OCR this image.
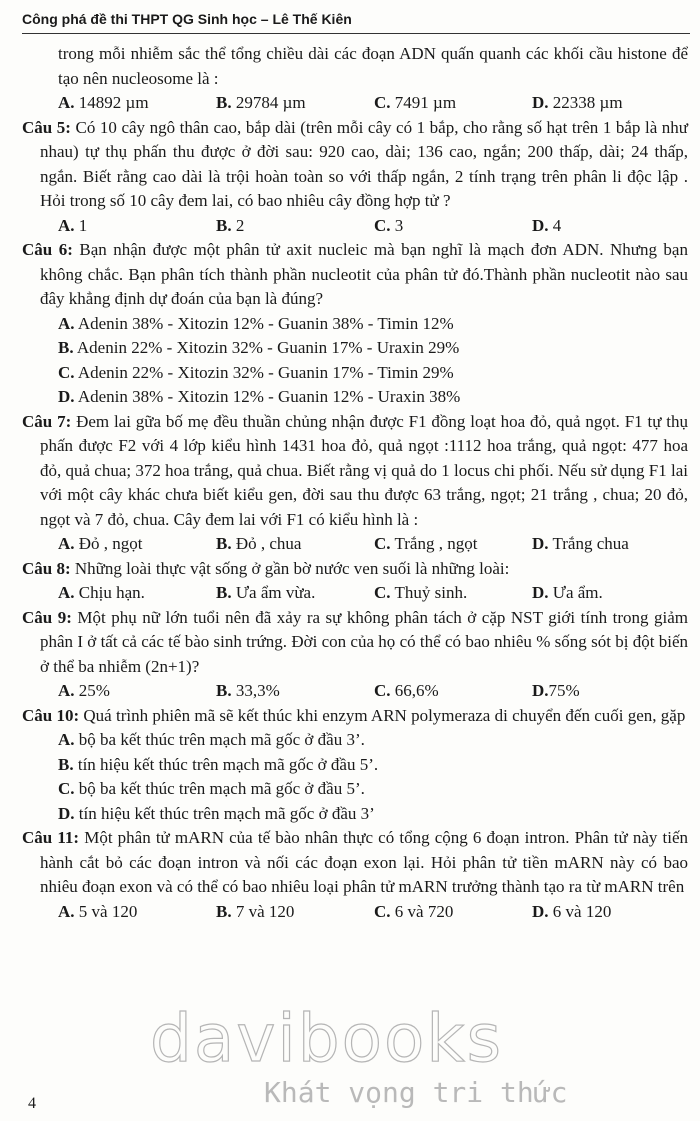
Công phá đề thi THPT QG Sinh học – Lê Thế Kiên

trong mỗi nhiễm sắc thể tổng chiều dài các đoạn ADN quấn quanh các khối cầu histone để tạo nên nucleosome là :

A. 14892 µm	B. 29784 µm	C. 7491 µm	D. 22338 µm

Câu 5: Có 10 cây ngô thân cao, bắp dài (trên mỗi cây có 1 bắp, cho rằng số hạt trên 1 bắp là như nhau) tự thụ phấn thu được ở đời sau: 920 cao, dài; 136 cao, ngắn; 200 thấp, dài; 24 thấp, ngắn. Biết rằng cao dài là trội hoàn toàn so với thấp ngắn, 2 tính trạng trên phân li độc lập . Hỏi trong số 10 cây đem lai, có bao nhiêu cây đồng hợp tử ?

A. 1	B. 2	C. 3	D. 4

Câu 6: Bạn nhận được một phân tử axit nucleic mà bạn nghĩ là mạch đơn ADN. Nhưng bạn không chắc. Bạn phân tích thành phần nucleotit của phân tử đó.Thành phần nucleotit nào sau đây khẳng định dự đoán của bạn là đúng?

A. Adenin 38% - Xitozin 12% - Guanin 38% - Timin 12%
B. Adenin 22% - Xitozin 32% - Guanin 17% - Uraxin 29%
C. Adenin 22% - Xitozin 32% - Guanin 17% - Timin 29%
D. Adenin 38% - Xitozin 12% - Guanin 12% - Uraxin 38%

Câu 7: Đem lai gữa bố mẹ đều thuần chủng nhận được F1 đồng loạt hoa đỏ, quả ngọt. F1 tự thụ phấn được F2 với 4 lớp kiểu hình 1431 hoa đỏ, quả ngọt :1112 hoa trắng, quả ngọt: 477 hoa đỏ, quả chua; 372 hoa trắng, quả chua. Biết rằng vị quả do 1 locus chi phối. Nếu sử dụng F1 lai với một cây khác chưa biết kiểu gen, đời sau thu được 63 trắng, ngọt; 21 trắng , chua; 20 đỏ, ngọt và 7 đỏ, chua. Cây đem lai với F1 có kiểu hình là :

A. Đỏ , ngọt	B. Đỏ , chua	C. Trắng , ngọt	D. Trắng chua

Câu 8: Những loài thực vật sống ở gần bờ nước ven suối là những loài:

A. Chịu hạn.	B. Ưa ẩm vừa.	C. Thuỷ sinh.	D. Ưa ẩm.

Câu 9: Một phụ nữ lớn tuổi nên đã xảy ra sự không phân tách ở cặp NST giới tính trong giảm phân I ở tất cả các tế bào sinh trứng. Đời con của họ có thể có bao nhiêu % sống sót bị đột biến ở thể ba nhiễm (2n+1)?

A. 25%	B. 33,3%	C. 66,6%	D.75%

Câu 10: Quá trình phiên mã sẽ kết thúc khi enzym ARN polymeraza di chuyển đến cuối gen, gặp

A. bộ ba kết thúc trên mạch mã gốc ở đầu 3’.
B. tín hiệu kết thúc trên mạch mã gốc ở đầu 5’.
C. bộ ba kết thúc trên mạch mã gốc ở đầu 5’.
D. tín hiệu kết thúc trên mạch mã gốc ở đầu 3’

Câu 11: Một phân tử mARN của tế bào nhân thực có tổng cộng 6 đoạn intron. Phân tử này tiến hành cắt bỏ các đoạn intron và nối các đoạn exon lại. Hỏi phân tử tiền mARN này có bao nhiêu đoạn exon và có thể có bao nhiêu loại phân tử mARN trưởng thành tạo ra từ mARN trên

A. 5 và 120	B. 7 và 120	C. 6 và 720	D. 6 và 120
davibooks
Khát vọng tri thức
4
